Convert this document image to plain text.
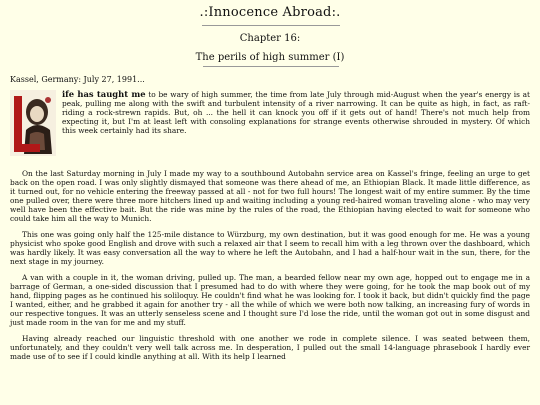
.:Innocence Abroad:.
Chapter 16:
The perils of high summer (I)
Kassel, Germany: July 27, 1991...

ife has taught me to be wary of high summer, the time from late July through mid-August when the year's energy is at peak, pulling me along with the swift and turbulent intensity of a river narrowing. It can be quite as high, in fact, as raft-riding a rock-strewn rapids. But, oh ... the hell it can knock you off if it gets out of hand! There's not much help from expecting it, but I'm at least left with consoling explanations for strange events otherwise shrouded in mystery. Of which this week certainly had its share.

On the last Saturday morning in July I made my way to a southbound Autobahn service area on Kassel's fringe, feeling an urge to get back on the open road. I was only slightly dismayed that someone was there ahead of me, an Ethiopian Black. It made little difference, as it turned out, for no vehicle entering the freeway passed at all - not for two full hours! The longest wait of my entire summer. By the time one pulled over, there were three more hitchers lined up and waiting including a young red-haired woman traveling alone - who may very well have been the effective bait. But the ride was mine by the rules of the road, the Ethiopian having elected to wait for someone who could take him all the way to Munich.

This one was going only half the 125-mile distance to Würzburg, my own destination, but it was good enough for me. He was a young physicist who spoke good English and drove with such a relaxed air that I seem to recall him with a leg thrown over the dashboard, which was hardly likely. It was easy conversation all the way to where he left the Autobahn, and I had a half-hour wait in the sun, there, for the next stage in my journey.

A van with a couple in it, the woman driving, pulled up. The man, a bearded fellow near my own age, hopped out to engage me in a barrage of German, a one-sided discussion that I presumed had to do with where they were going, for he took the map book out of my hand, flipping pages as he continued his soliloquy. He couldn't find what he was looking for. I took it back, but didn't quickly find the page I wanted, either, and he grabbed it again for another try - all the while of which we were both now talking, an increasing fury of words in our respective tongues. It was an utterly senseless scene and I thought sure I'd lose the ride, until the woman got out in some disgust and just made room in the van for me and my stuff.

Having already reached our linguistic threshold with one another we rode in complete silence. I was seated between them, unfortunately, and they couldn't very well talk across me. In desperation, I pulled out the small 14-language phrasebook I hardly ever made use of to see if I could kindle anything at all. With its help I learned
